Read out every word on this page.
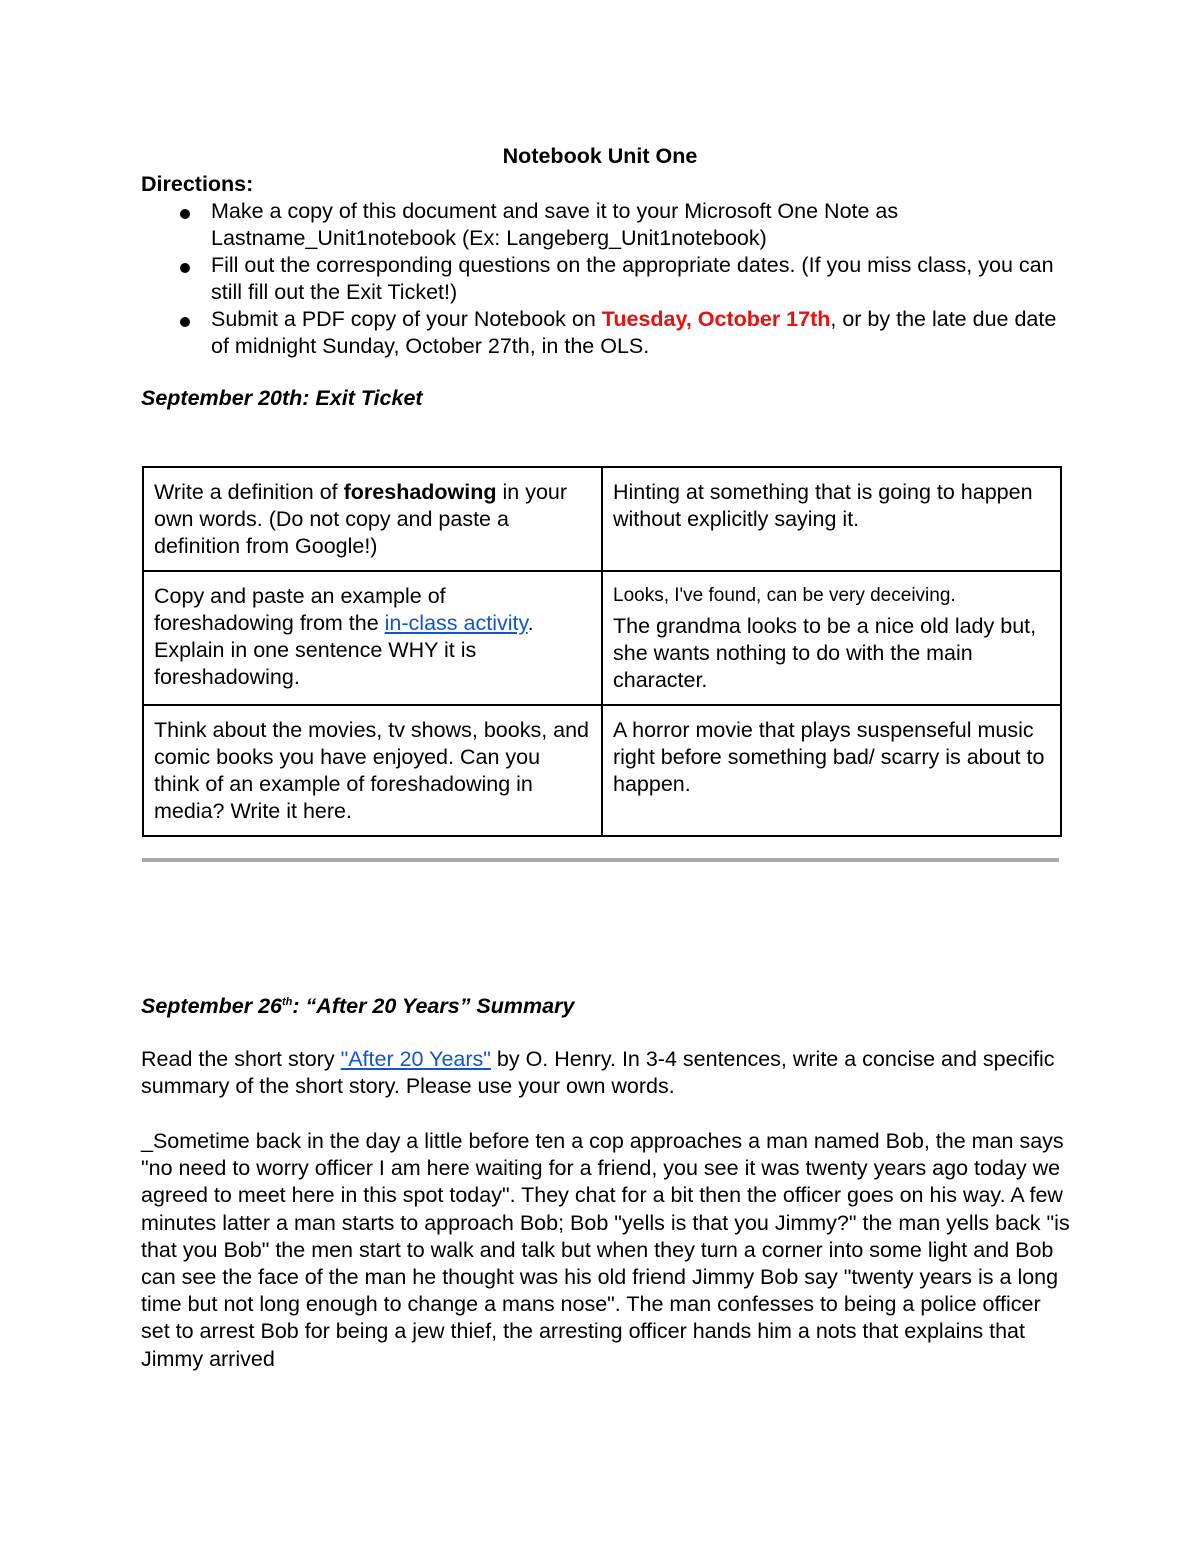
Notebook Unit One
Directions:
Make a copy of this document and save it to your Microsoft One Note as Lastname_Unit1notebook (Ex: Langeberg_Unit1notebook)
Fill out the corresponding questions on the appropriate dates. (If you miss class, you can still fill out the Exit Ticket!)
Submit a PDF copy of your Notebook on Tuesday, October 17th, or by the late due date of midnight Sunday, October 27th, in the OLS.
September 20th: Exit Ticket
Write a definition of foreshadowing in your own words. (Do not copy and paste a definition from Google!)	Hinting at something that is going to happen without explicitly saying it.
Copy and paste an example of foreshadowing from the in-class activity. Explain in one sentence WHY it is foreshadowing.	Looks, I've found, can be very deceiving.
The grandma looks to be a nice old lady but, she wants nothing to do with the main character.

Think about the movies, tv shows, books, and comic books you have enjoyed. Can you think of an example of foreshadowing in media? Write it here.	A horror movie that plays suspenseful music right before something bad/ scarry is about to happen.
September 26th: “After 20 Years” Summary
Read the short story "After 20 Years" by O. Henry. In 3-4 sentences, write a concise and specific summary of the short story. Please use your own words.
_Sometime back in the day a little before ten a cop approaches a man named Bob, the man says "no need to worry officer I am here waiting for a friend, you see it was twenty years ago today we agreed to meet here in this spot today". They chat for a bit then the officer goes on his way. A few minutes latter a man starts to approach Bob; Bob "yells is that you Jimmy?" the man yells back "is that you Bob" the men start to walk and talk but when they turn a corner into some light and Bob can see the face of the man he thought was his old friend Jimmy Bob say "twenty years is a long time but not long enough to change a mans nose". The man confesses to being a police officer set to arrest Bob for being a jew thief, the arresting officer hands him a nots that explains that Jimmy arrived
